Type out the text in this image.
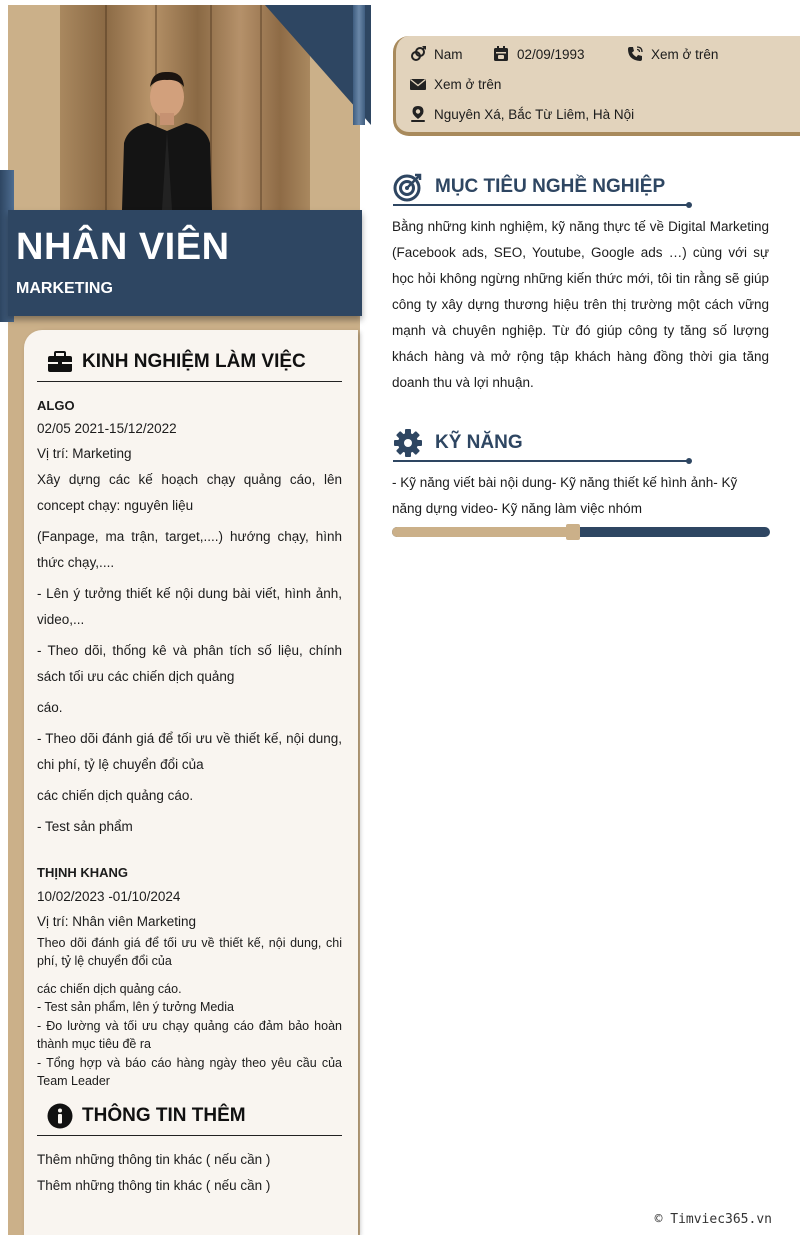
NHÂN VIÊN
MARKETING
KINH NGHIỆM LÀM VIỆC
ALGO
02/05 2021-15/12/2022
Vị trí: Marketing
Xây dựng các kế hoạch chạy quảng cáo, lên concept chạy: nguyên liệu
(Fanpage, ma trận, target,....) hướng chạy, hình thức chạy,....
- Lên ý tưởng thiết kế nội dung bài viết, hình ảnh, video,...
- Theo dõi, thống kê và phân tích số liệu, chính sách tối ưu các chiến dịch quảng
cáo.
- Theo dõi đánh giá để tối ưu về thiết kế, nội dung, chi phí, tỷ lệ chuyển đổi của
các chiến dịch quảng cáo.
- Test sản phẩm
THỊNH KHANG
10/02/2023 -01/10/2024
Vị trí: Nhân viên Marketing
Theo dõi đánh giá để tối ưu về thiết kế, nội dung, chi phí, tỷ lệ chuyển đổi của
các chiến dịch quảng cáo.
- Test sản phẩm, lên ý tưởng Media
- Đo lường và tối ưu chạy quảng cáo đảm bảo hoàn thành mục tiêu đề ra
- Tổng hợp và báo cáo hàng ngày theo yêu cầu của Team Leader
THÔNG TIN THÊM
Thêm những thông tin khác ( nếu cần )
Thêm những thông tin khác ( nếu cần )
Nam	02/09/1993	Xem ở trên
Xem ở trên
Nguyên Xá, Bắc Từ Liêm, Hà Nội
MỤC TIÊU NGHỀ NGHIỆP
Bằng những kinh nghiệm, kỹ năng thực tế về Digital Marketing (Facebook ads, SEO, Youtube, Google ads …) cùng với sự học hỏi không ngừng những kiến thức mới, tôi tin rằng sẽ giúp công ty xây dựng thương hiệu trên thị trường một cách vững mạnh và chuyên nghiệp. Từ đó giúp công ty tăng số lượng khách hàng và mở rộng tập khách hàng đồng thời gia tăng doanh thu và lợi nhuận.
KỸ NĂNG
- Kỹ năng viết bài nội dung- Kỹ năng thiết kế hình ảnh- Kỹ năng dựng video- Kỹ năng làm việc nhóm
© Timviec365.vn
